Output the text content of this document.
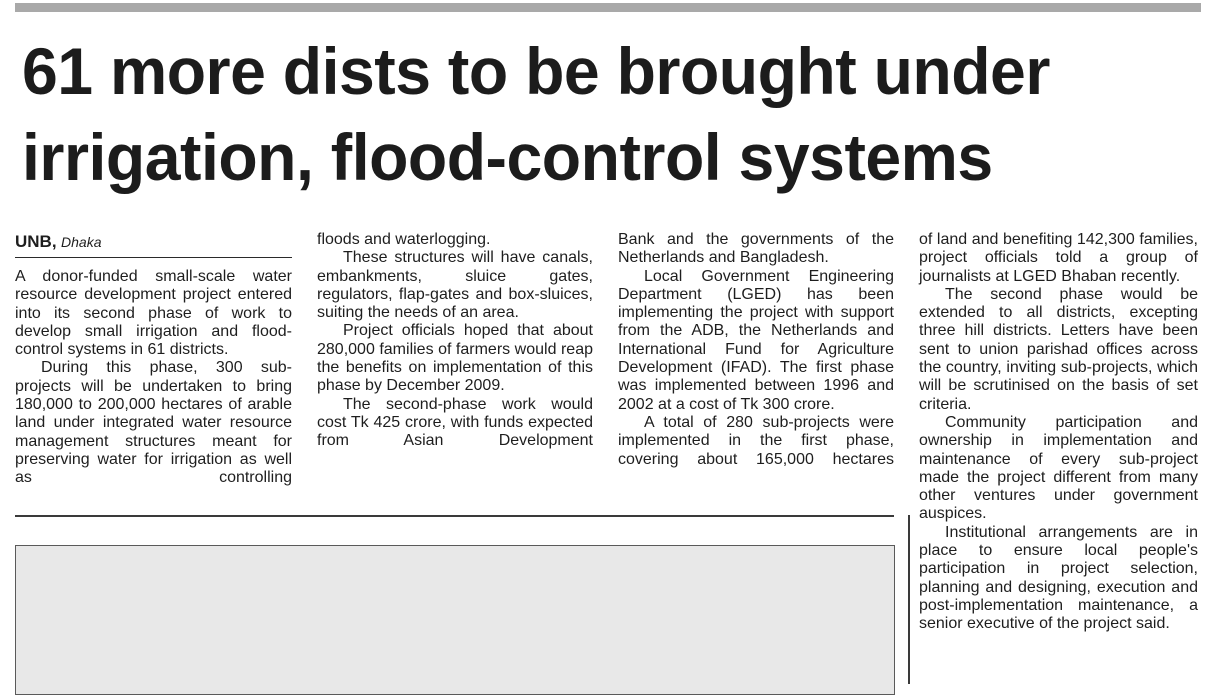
61 more dists to be brought under
irrigation, flood-control systems
UNB, Dhaka

A donor-funded small-scale water resource development project entered into its second phase of work to develop small irrigation and flood-control systems in 61 districts.

During this phase, 300 sub-projects will be undertaken to bring 180,000 to 200,000 hectares of arable land under integrated water resource management structures meant for preserving water for irrigation as well as controlling

floods and waterlogging.

These structures will have canals, embankments, sluice gates, regulators, flap-gates and box-sluices, suiting the needs of an area.

Project officials hoped that about 280,000 families of farmers would reap the benefits on implementation of this phase by December 2009.

The second-phase work would cost Tk 425 crore, with funds expected from Asian Development

Bank and the governments of the Netherlands and Bangladesh.

Local Government Engineering Department (LGED) has been implementing the project with support from the ADB, the Netherlands and International Fund for Agriculture Development (IFAD). The first phase was implemented between 1996 and 2002 at a cost of Tk 300 crore.

A total of 280 sub-projects were implemented in the first phase, covering about 165,000 hectares

of land and benefiting 142,300 families, project officials told a group of journalists at LGED Bhaban recently.

The second phase would be extended to all districts, excepting three hill districts. Letters have been sent to union parishad offices across the country, inviting sub-projects, which will be scrutinised on the basis of set criteria.

Community participation and ownership in implementation and maintenance of every sub-project made the project different from many other ventures under government auspices.

Institutional arrangements are in place to ensure local people's participation in project selection, planning and designing, execution and post-implementation maintenance, a senior executive of the project said.
